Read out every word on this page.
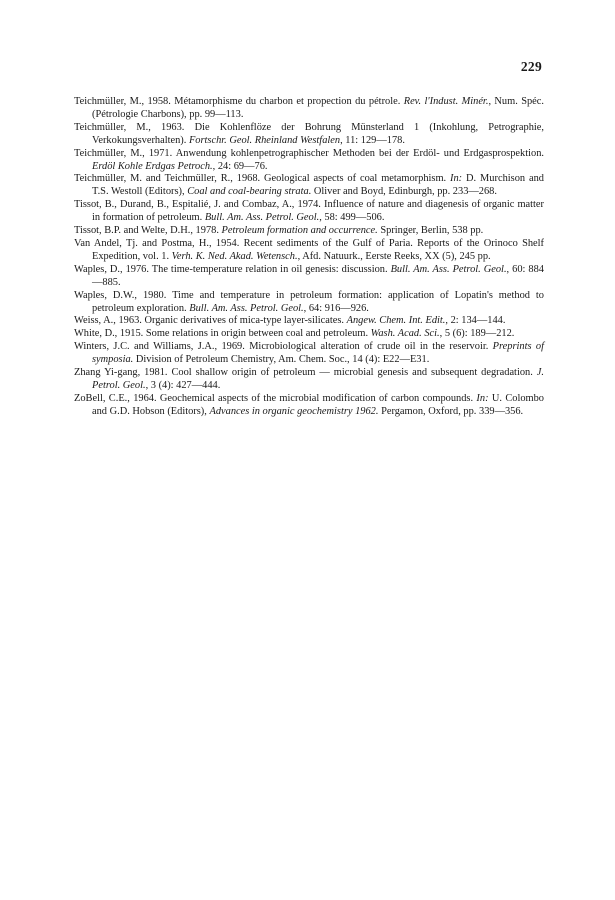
229
Teichmüller, M., 1958. Métamorphisme du charbon et propection du pétrole. Rev. l'Indust. Minér., Num. Spéc. (Pétrologie Charbons), pp. 99—113.
Teichmüller, M., 1963. Die Kohlenflöze der Bohrung Münsterland 1 (Inkohlung, Petrographie, Verkokungsverhalten). Fortschr. Geol. Rheinland Westfalen, 11: 129—178.
Teichmüller, M., 1971. Anwendung kohlenpetrographischer Methoden bei der Erdöl- und Erdgasprospektion. Erdöl Kohle Erdgas Petroch., 24: 69—76.
Teichmüller, M. and Teichmüller, R., 1968. Geological aspects of coal metamorphism. In: D. Murchison and T.S. Westoll (Editors), Coal and coal-bearing strata. Oliver and Boyd, Edinburgh, pp. 233—268.
Tissot, B., Durand, B., Espitalié, J. and Combaz, A., 1974. Influence of nature and diagenesis of organic matter in formation of petroleum. Bull. Am. Ass. Petrol. Geol., 58: 499—506.
Tissot, B.P. and Welte, D.H., 1978. Petroleum formation and occurrence. Springer, Berlin, 538 pp.
Van Andel, Tj. and Postma, H., 1954. Recent sediments of the Gulf of Paria. Reports of the Orinoco Shelf Expedition, vol. 1. Verh. K. Ned. Akad. Wetensch., Afd. Natuurk., Eerste Reeks, XX (5), 245 pp.
Waples, D., 1976. The time-temperature relation in oil genesis: discussion. Bull. Am. Ass. Petrol. Geol., 60: 884—885.
Waples, D.W., 1980. Time and temperature in petroleum formation: application of Lopatin's method to petroleum exploration. Bull. Am. Ass. Petrol. Geol., 64: 916—926.
Weiss, A., 1963. Organic derivatives of mica-type layer-silicates. Angew. Chem. Int. Edit., 2: 134—144.
White, D., 1915. Some relations in origin between coal and petroleum. Wash. Acad. Sci., 5 (6): 189—212.
Winters, J.C. and Williams, J.A., 1969. Microbiological alteration of crude oil in the reservoir. Preprints of symposia. Division of Petroleum Chemistry, Am. Chem. Soc., 14 (4): E22—E31.
Zhang Yi-gang, 1981. Cool shallow origin of petroleum — microbial genesis and subsequent degradation. J. Petrol. Geol., 3 (4): 427—444.
ZoBell, C.E., 1964. Geochemical aspects of the microbial modification of carbon compounds. In: U. Colombo and G.D. Hobson (Editors), Advances in organic geochemistry 1962. Pergamon, Oxford, pp. 339—356.
